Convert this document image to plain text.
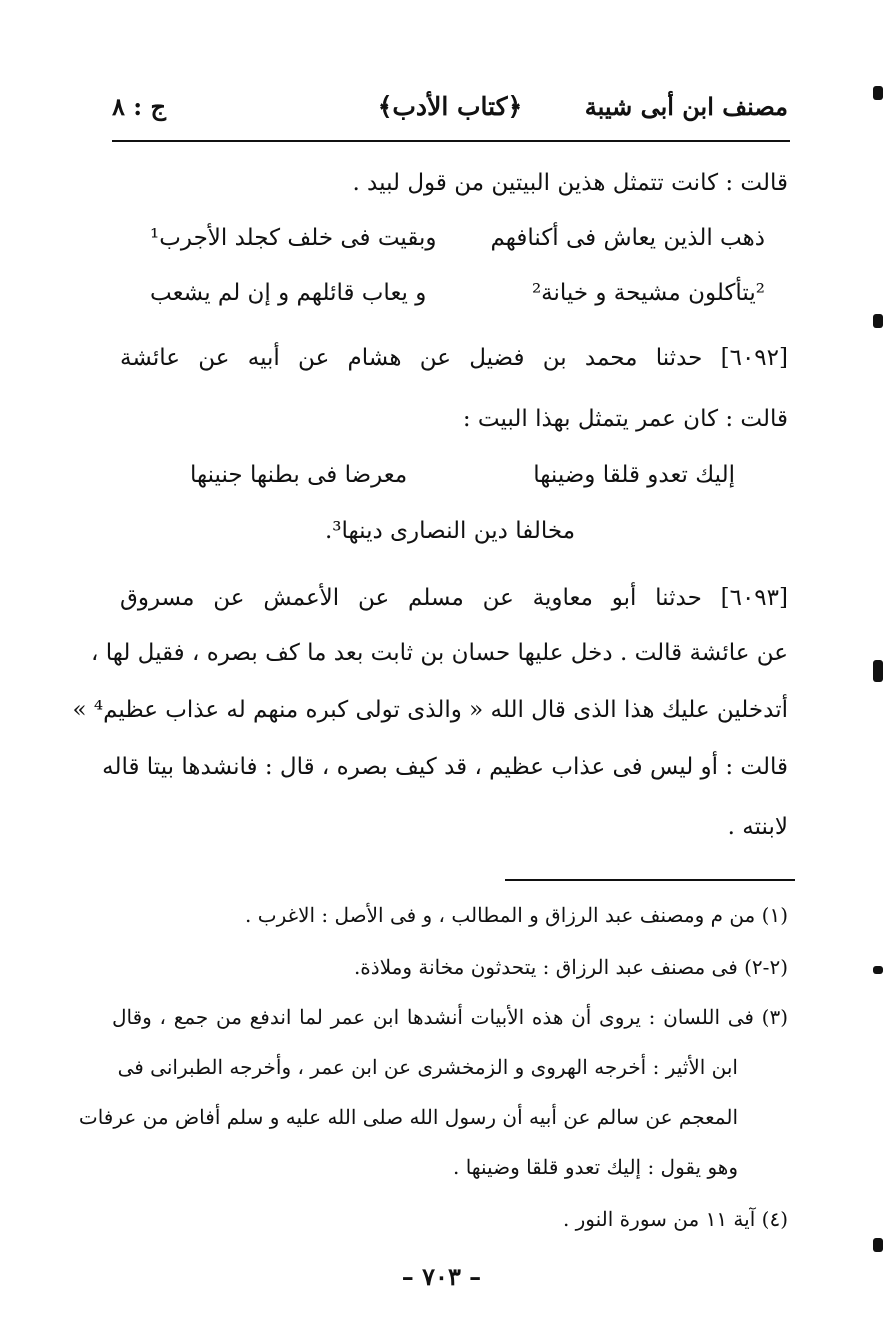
مصنف ابن أبى شيبة
﴿كتاب الأدب﴾
ج : ٨
قالت : كانت تتمثل هذين البيتين من قول لبيد .
وبقيت فى خلف كجلد الأجرب¹ ذهب الذين يعاش فى أكنافهم
²يتأكلون مشيحة و خيانة²
و يعاب قائلهم و إن لم يشعب
[٦٠٩٢] حدثنا محمد بن فضيل عن هشام عن أبيه عن عائشة
قالت : كان عمر يتمثل بهذا البيت :
إليك تعدو قلقا وضينها
معرضا فى بطنها جنينها
مخالفا دين النصارى دينها³.
[٦٠٩٣] حدثنا أبو معاوية عن مسلم عن الأعمش عن مسروق
عن عائشة قالت . دخل عليها حسان بن ثابت بعد ما كف بصره ، فقيل لها ،
أتدخلين عليك هذا الذى قال الله « والذى تولى كبره منهم له عذاب عظيم⁴ »
قالت : أو ليس فى عذاب عظيم ، قد كيف بصره ، قال : فانشدها بيتا قاله
لابنته .
(١) من م ومصنف عبد الرزاق و المطالب ، و فى الأصل : الاغرب .
(٢-٢) فى مصنف عبد الرزاق : يتحدثون مخانة وملاذة.
(٣) فى اللسان : يروى أن هذه الأبيات أنشدها ابن عمر لما اندفع من جمع ، وقال
ابن الأثير : أخرجه الهروى و الزمخشرى عن ابن عمر ، وأخرجه الطبرانى فى
المعجم عن سالم عن أبيه أن رسول الله صلى الله عليه و سلم أفاض من عرفات
وهو يقول : إليك تعدو قلقا وضينها .
(٤) آية ١١ من سورة النور .
– ٧٠٣ –
